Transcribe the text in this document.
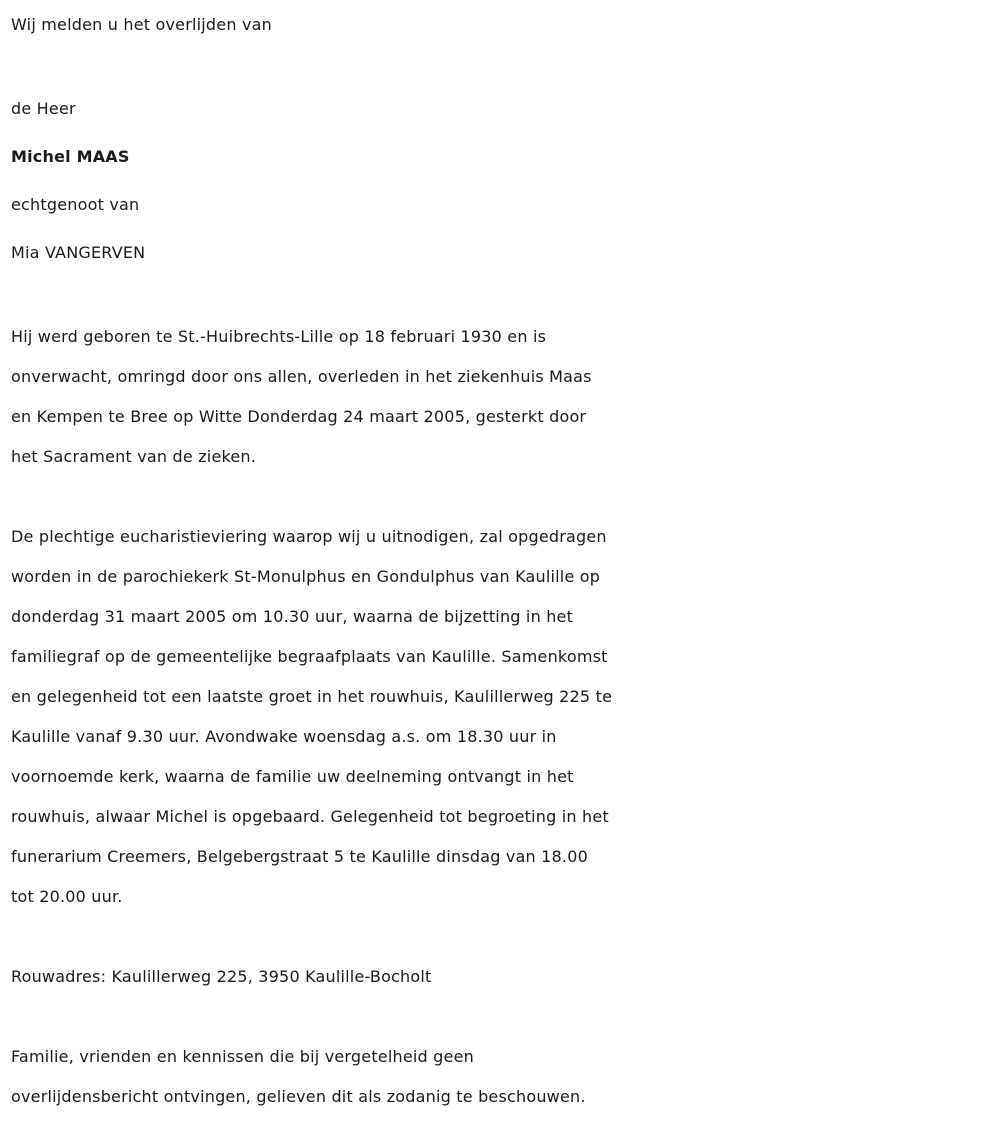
Wij melden u het overlijden van
de Heer
Michel MAAS
echtgenoot van
Mia VANGERVEN
Hij werd geboren te St.-Huibrechts-Lille op 18 februari 1930 en is
onverwacht, omringd door ons allen, overleden in het ziekenhuis Maas
en Kempen te Bree op Witte Donderdag 24 maart 2005, gesterkt door
het Sacrament van de zieken.
De plechtige eucharistieviering waarop wij u uitnodigen, zal opgedragen
worden in de parochiekerk St-Monulphus en Gondulphus van Kaulille op
donderdag 31 maart 2005 om 10.30 uur, waarna de bijzetting in het
familiegraf op de gemeentelijke begraafplaats van Kaulille. Samenkomst
en gelegenheid tot een laatste groet in het rouwhuis, Kaulillerweg 225 te
Kaulille vanaf 9.30 uur. Avondwake woensdag a.s. om 18.30 uur in
voornoemde kerk, waarna de familie uw deelneming ontvangt in het
rouwhuis, alwaar Michel is opgebaard. Gelegenheid tot begroeting in het
funerarium Creemers, Belgebergstraat 5 te Kaulille dinsdag van 18.00
tot 20.00 uur.
Rouwadres: Kaulillerweg 225, 3950 Kaulille-Bocholt
Familie, vrienden en kennissen die bij vergetelheid geen
overlijdensbericht ontvingen, gelieven dit als zodanig te beschouwen.
